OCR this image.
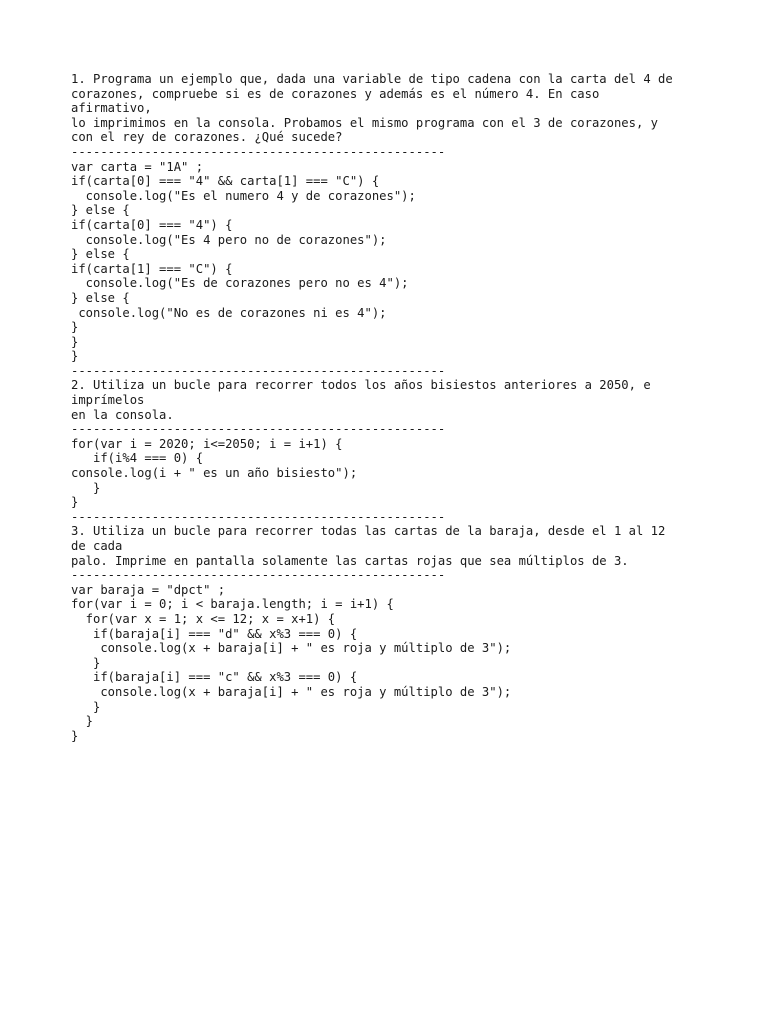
1. Programa un ejemplo que, dada una variable de tipo cadena con la carta del 4 de
corazones, compruebe si es de corazones y además es el número 4. En caso
afirmativo,
lo imprimimos en la consola. Probamos el mismo programa con el 3 de corazones, y
con el rey de corazones. ¿Qué sucede?
---------------------------------------------------
var carta = "1A" ;
if(carta[0] === "4" && carta[1] === "C") {
console.log("Es el numero 4 y de corazones");
} else {
if(carta[0] === "4") {
console.log("Es 4 pero no de corazones");
} else {
if(carta[1] === "C") {
console.log("Es de corazones pero no es 4");
} else {
console.log("No es de corazones ni es 4");
}
}
}
---------------------------------------------------
2. Utiliza un bucle para recorrer todos los años bisiestos anteriores a 2050, e
imprímelos
en la consola.
---------------------------------------------------
for(var i = 2020; i<=2050; i = i+1) {
if(i%4 === 0) {
console.log(i + " es un año bisiesto");
}
}
---------------------------------------------------
3. Utiliza un bucle para recorrer todas las cartas de la baraja, desde el 1 al 12
de cada
palo. Imprime en pantalla solamente las cartas rojas que sea múltiplos de 3.
---------------------------------------------------
var baraja = "dpct" ;
for(var i = 0; i < baraja.length; i = i+1) {
for(var x = 1; x <= 12; x = x+1) {
if(baraja[i] === "d" && x%3 === 0) {
console.log(x + baraja[i] + " es roja y múltiplo de 3");
}
if(baraja[i] === "c" && x%3 === 0) {
console.log(x + baraja[i] + " es roja y múltiplo de 3");
}
}
}
